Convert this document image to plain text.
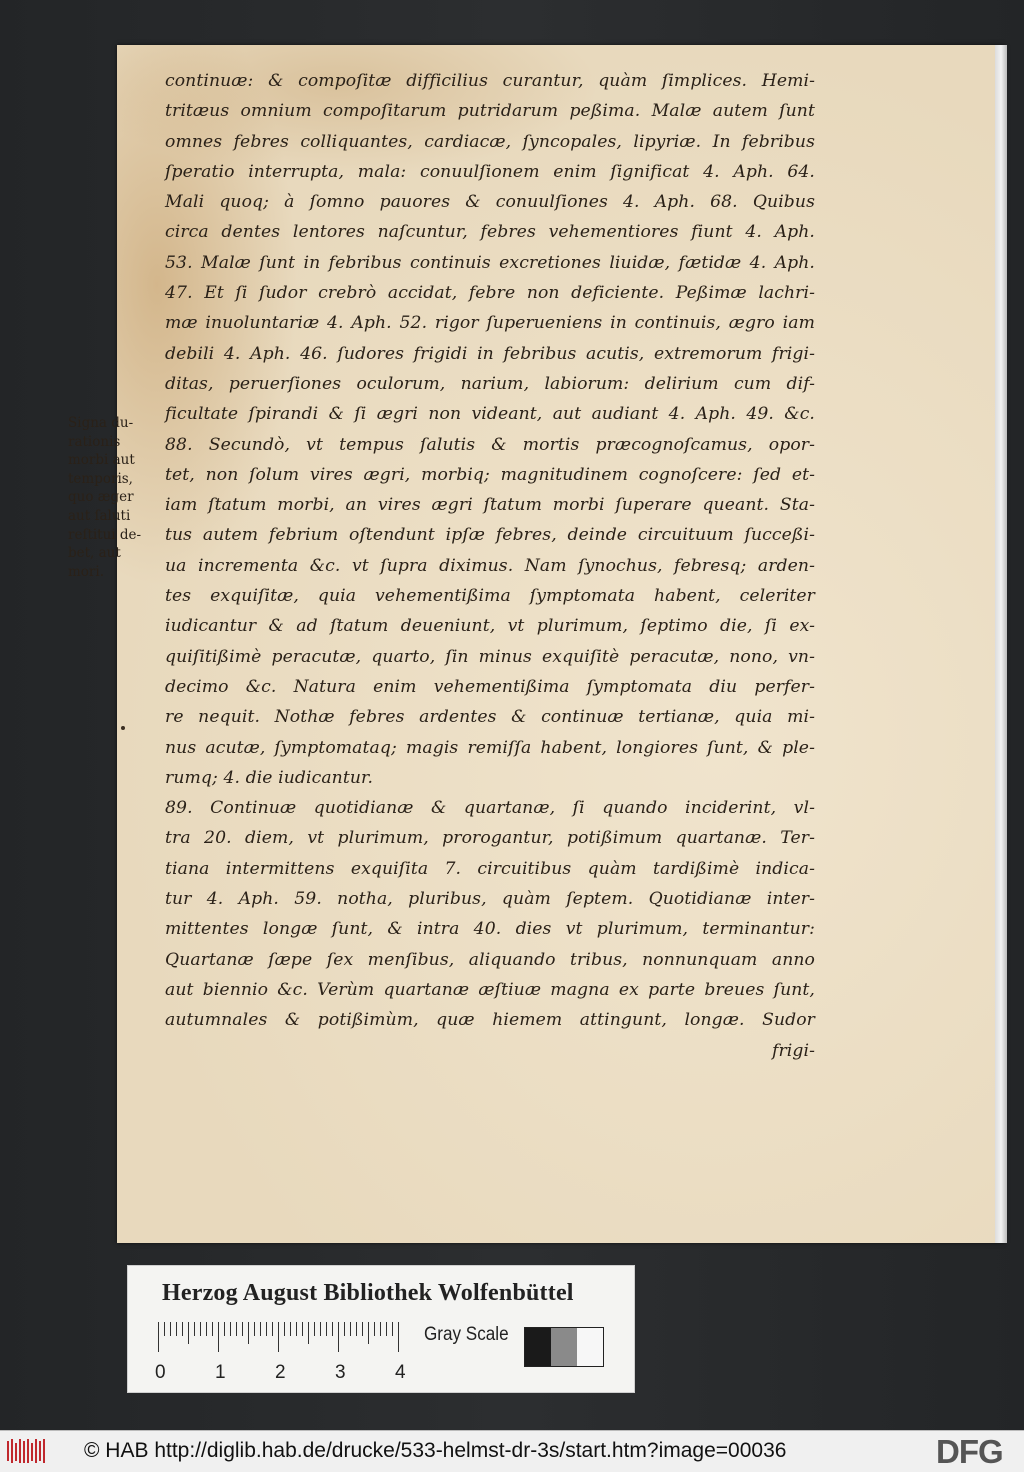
continuæ: & compoſitæ difficilius curantur, quàm ſimplices. Hemi-
tritæus omnium compoſitarum putridarum peßima. Malæ autem ſunt
omnes febres colliquantes, cardiacæ, ſyncopales, lipyriæ. In febribus
ſperatio interrupta, mala: conuulſionem enim ſignificat 4. Aph. 64.
Mali quoq; à ſomno pauores & conuulſiones 4. Aph. 68. Quibus
circa dentes lentores naſcuntur, febres vehementiores fiunt 4. Aph.
53. Malæ ſunt in febribus continuis excretiones liuidæ, fætidæ 4. Aph.
47. Et ſi ſudor crebrò accidat, febre non deficiente. Peßimæ lachri-
mæ inuoluntariæ 4. Aph. 52. rigor ſuperueniens in continuis, ægro iam
debili 4. Aph. 46. ſudores frigidi in febribus acutis, extremorum frigi-
ditas, peruerſiones oculorum, narium, labiorum: delirium cum dif-
ficultate ſpirandi & ſi ægri non videant, aut audiant 4. Aph. 49. &c.
88. Secundò, vt tempus ſalutis & mortis præcognoſcamus, opor-
tet, non ſolum vires ægri, morbiq; magnitudinem cognoſcere: ſed et-
iam ſtatum morbi, an vires ægri ſtatum morbi ſuperare queant. Sta-
tus autem febrium oſtendunt ipſæ febres, deinde circuituum ſucceßi-
ua incrementa &c. vt ſupra diximus. Nam ſynochus, febresq; arden-
tes exquiſitæ, quia vehementißima ſymptomata habent, celeriter
iudicantur & ad ſtatum deueniunt, vt plurimum, ſeptimo die, ſi ex-
quiſitißimè peracutæ, quarto, ſin minus exquiſitè peracutæ, nono, vn-
decimo &c. Natura enim vehementißima ſymptomata diu perfer-
re nequit. Nothæ febres ardentes & continuæ tertianæ, quia mi-
nus acutæ, ſymptomataq; magis remiſſa habent, longiores ſunt, & ple-
rumq; 4. die iudicantur.
89. Continuæ quotidianæ & quartanæ, ſi quando inciderint, vl-
tra 20. diem, vt plurimum, prorogantur, potißimum quartanæ. Ter-
tiana intermittens exquiſita 7. circuitibus quàm tardißimè indica-
tur 4. Aph. 59. notha, pluribus, quàm ſeptem. Quotidianæ inter-
mittentes longæ ſunt, & intra 40. dies vt plurimum, terminantur:
Quartanæ ſæpe ſex menſibus, aliquando tribus, nonnunquam anno
aut biennio &c. Verùm quartanæ æſtiuæ magna ex parte breues ſunt,
autumnales & potißimùm, quæ hiemem attingunt, longæ. Sudor
frigi-
Signa du-
rationis
morbi aut
temporis,
quo æger
aut ſaluti
reſtitui de-
bet, aut
mori.
Herzog August Bibliothek Wolfenbüttel
0	1	2	3	4
Gray Scale
© HAB http://diglib.hab.de/drucke/533-helmst-dr-3s/start.htm?image=00036	DFG
